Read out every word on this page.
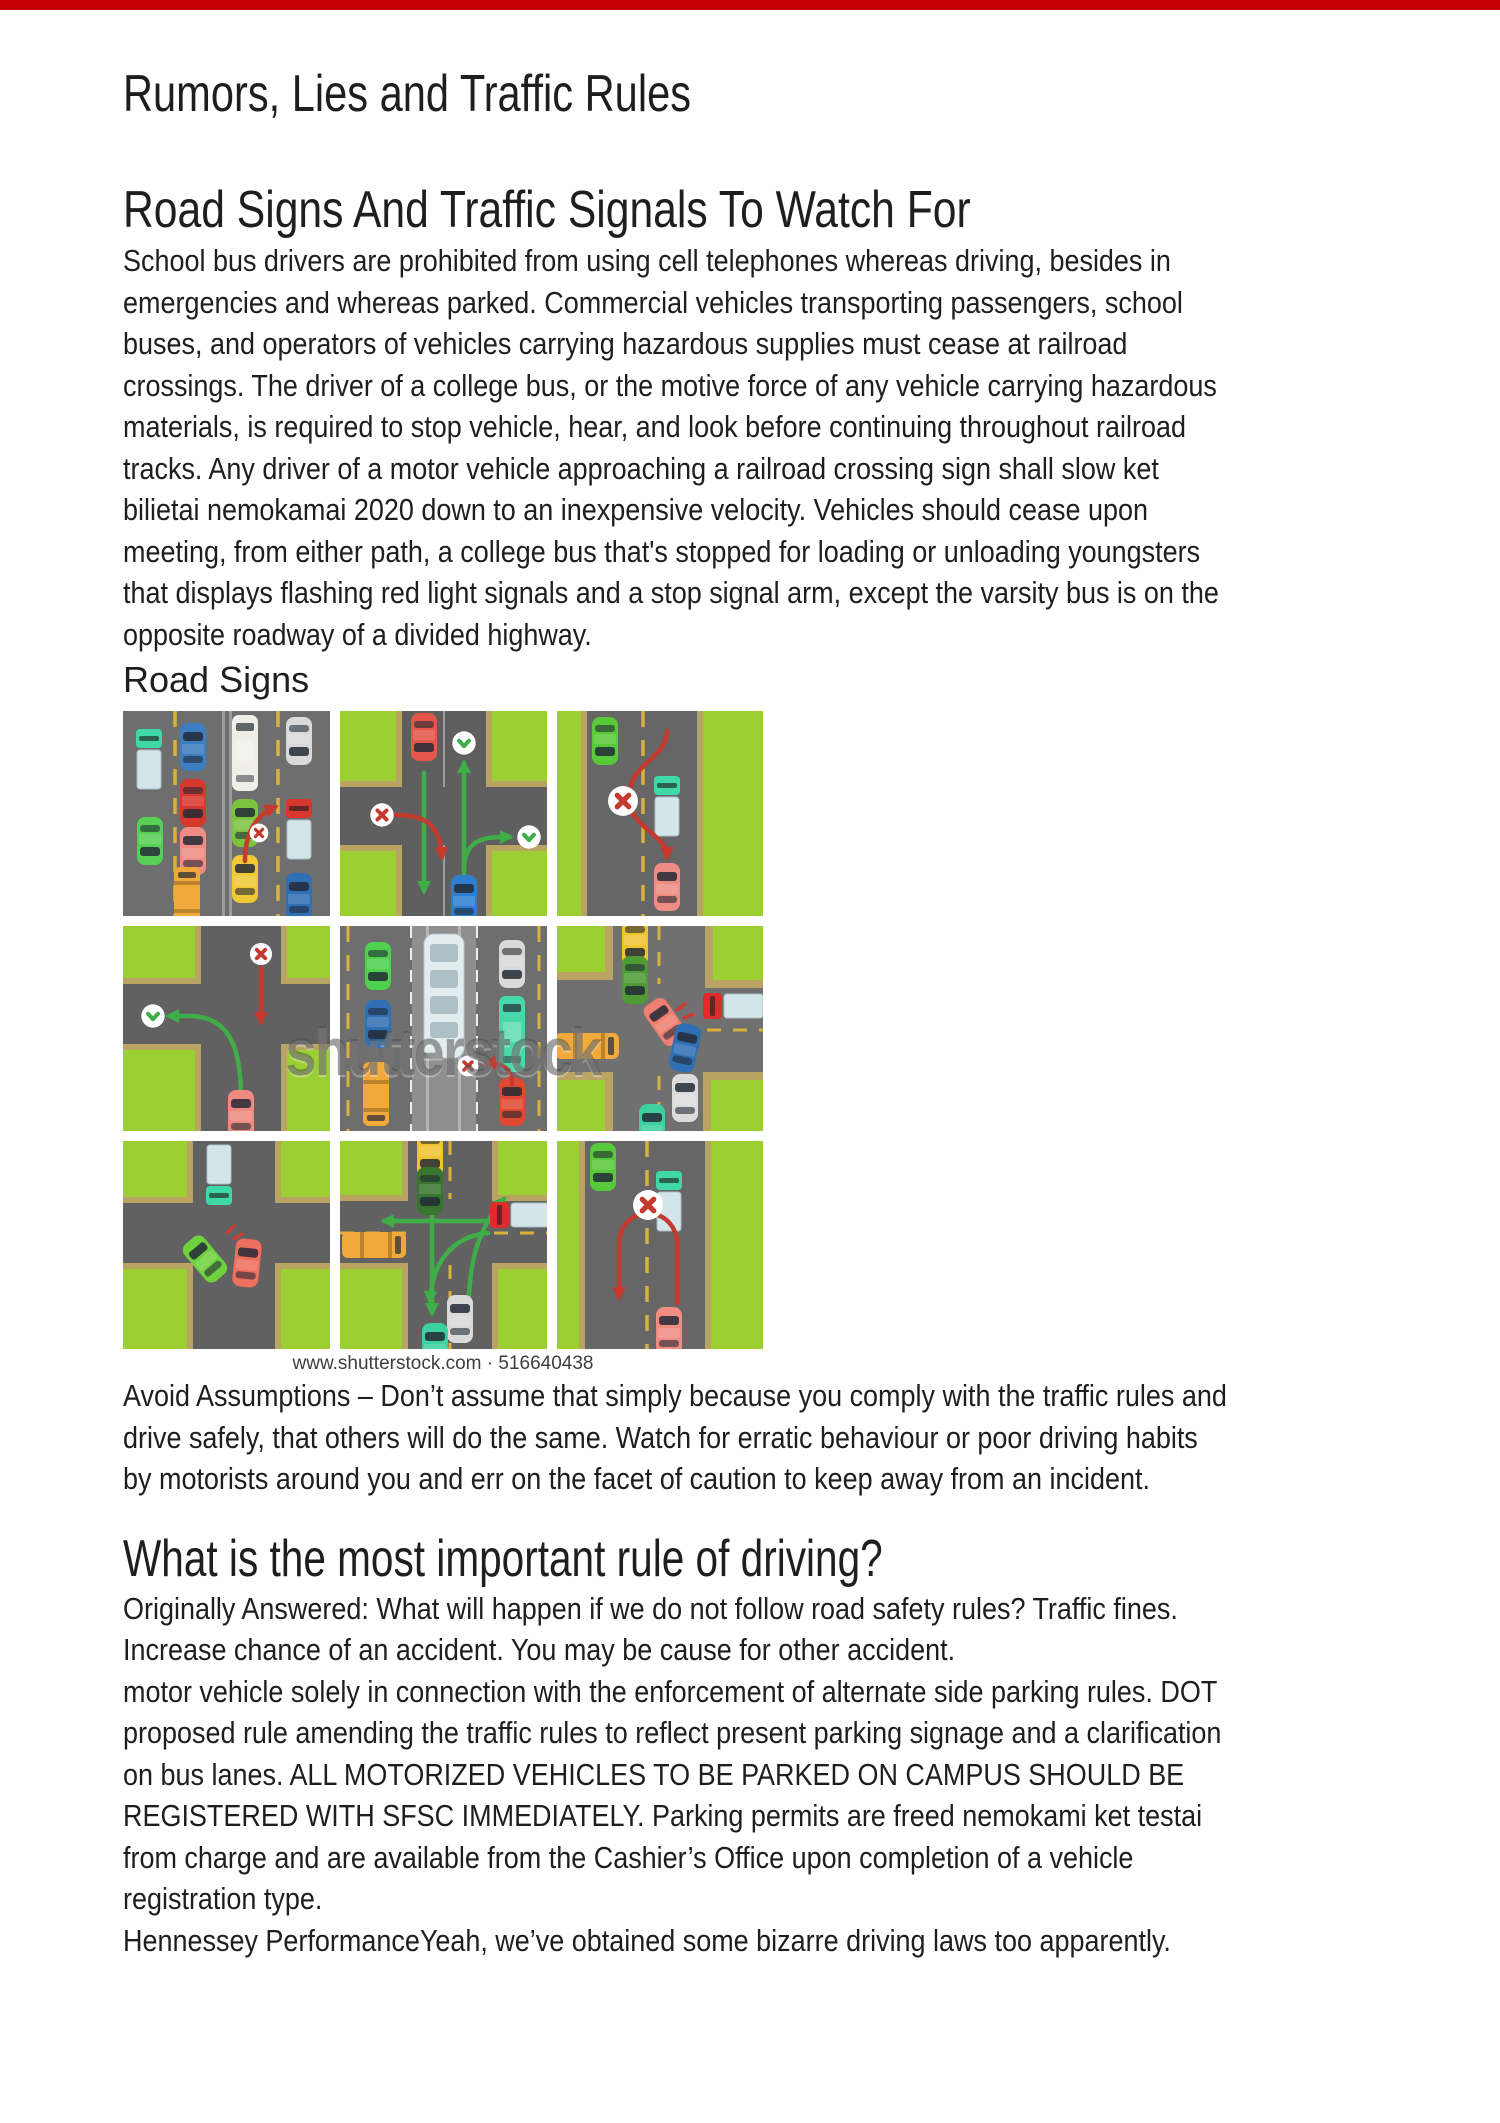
Rumors, Lies and Traffic Rules
Road Signs And Traffic Signals To Watch For

School bus drivers are prohibited from using cell telephones whereas driving, besides in
emergencies and whereas parked. Commercial vehicles transporting passengers, school
buses, and operators of vehicles carrying hazardous supplies must cease at railroad
crossings. The driver of a college bus, or the motive force of any vehicle carrying hazardous
materials, is required to stop vehicle, hear, and look before continuing throughout railroad
tracks. Any driver of a motor vehicle approaching a railroad crossing sign shall slow ket
bilietai nemokamai 2020 down to an inexpensive velocity. Vehicles should cease upon
meeting, from either path, a college bus that's stopped for loading or unloading youngsters
that displays flashing red light signals and a stop signal arm, except the varsity bus is on the
opposite roadway of a divided highway.

Road Signs
shutterstock
www.shutterstock.com · 516640438

Avoid Assumptions – Don’t assume that simply because you comply with the traffic rules and
drive safely, that others will do the same. Watch for erratic behaviour or poor driving habits
by motorists around you and err on the facet of caution to keep away from an incident.

What is the most important rule of driving?

Originally Answered: What will happen if we do not follow road safety rules? Traffic fines.
Increase chance of an accident. You may be cause for other accident.

motor vehicle solely in connection with the enforcement of alternate side parking rules. DOT
proposed rule amending the traffic rules to reflect present parking signage and a clarification
on bus lanes. ALL MOTORIZED VEHICLES TO BE PARKED ON CAMPUS SHOULD BE
REGISTERED WITH SFSC IMMEDIATELY. Parking permits are freed nemokami ket testai
from charge and are available from the Cashier’s Office upon completion of a vehicle
registration type.

Hennessey PerformanceYeah, we’ve obtained some bizarre driving laws too apparently.
